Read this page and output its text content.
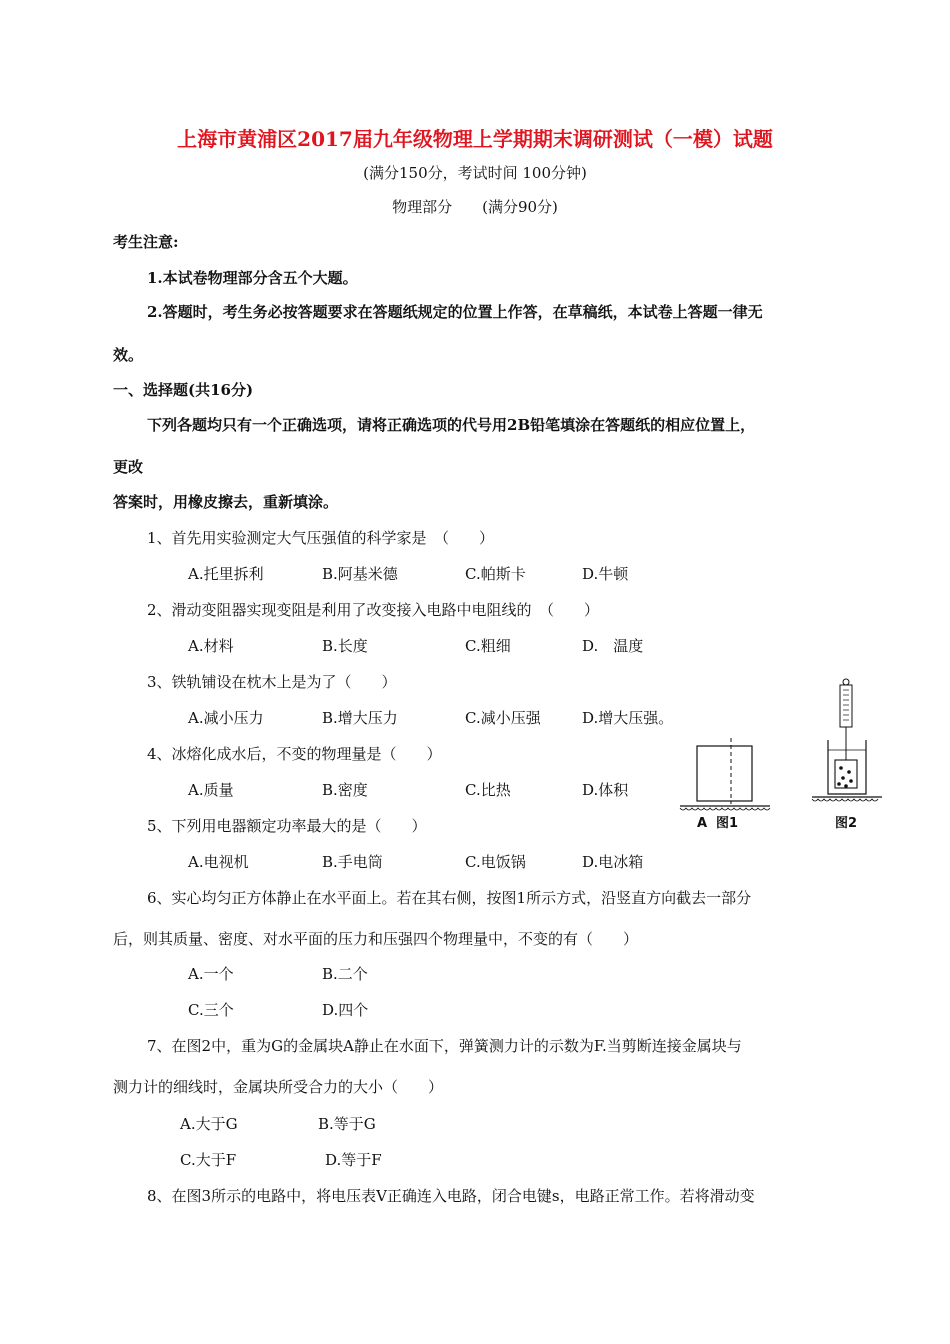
上海市黄浦区2017届九年级物理上学期期末调研测试（一模）试题
(满分150分，考试时间 100分钟)
物理部分　　(满分90分)
考生注意:
1.本试卷物理部分含五个大题。
2.答题时，考生务必按答题要求在答题纸规定的位置上作答，在草稿纸，本试卷上答题一律无
效。
一、选择题(共16分)
下列各题均只有一个正确选项，请将正确选项的代号用2B铅笔填涂在答题纸的相应位置上，
更改
答案时，用橡皮擦去，重新填涂。
1、首先用实验测定大气压强值的科学家是　（　　）
A.托里拆利	B.阿基米德	C.帕斯卡	D.牛顿
2、滑动变阻器实现变阻是利用了改变接入电路中电阻线的　（　　）
A.材料	B.长度	C.粗细	D.　温度
3、铁轨铺设在枕木上是为了（　　）
A.减小压力	B.增大压力	C.减小压强	D.增大压强。
4、冰熔化成水后，不变的物理量是（　　）
A.质量	B.密度	C.比热	D.体积
5、下列用电器额定功率最大的是（　　）
A.电视机	B.手电筒	C.电饭锅	D.电冰箱
6、实心均匀正方体静止在水平面上。若在其右侧，按图1所示方式，沿竖直方向截去一部分
后，则其质量、密度、对水平面的压力和压强四个物理量中，不变的有（　　）
A.一个	B.二个
C.三个	D.四个
7、在图2中，重为G的金属块A静止在水面下，弹簧测力计的示数为F.当剪断连接金属块与
测力计的细线时，金属块所受合力的大小（　　）
A.大于G	B.等于G
C.大于F	D.等于F
8、在图3所示的电路中，将电压表V正确连入电路，闭合电键s，电路正常工作。若将滑动变
A 图1	图2
